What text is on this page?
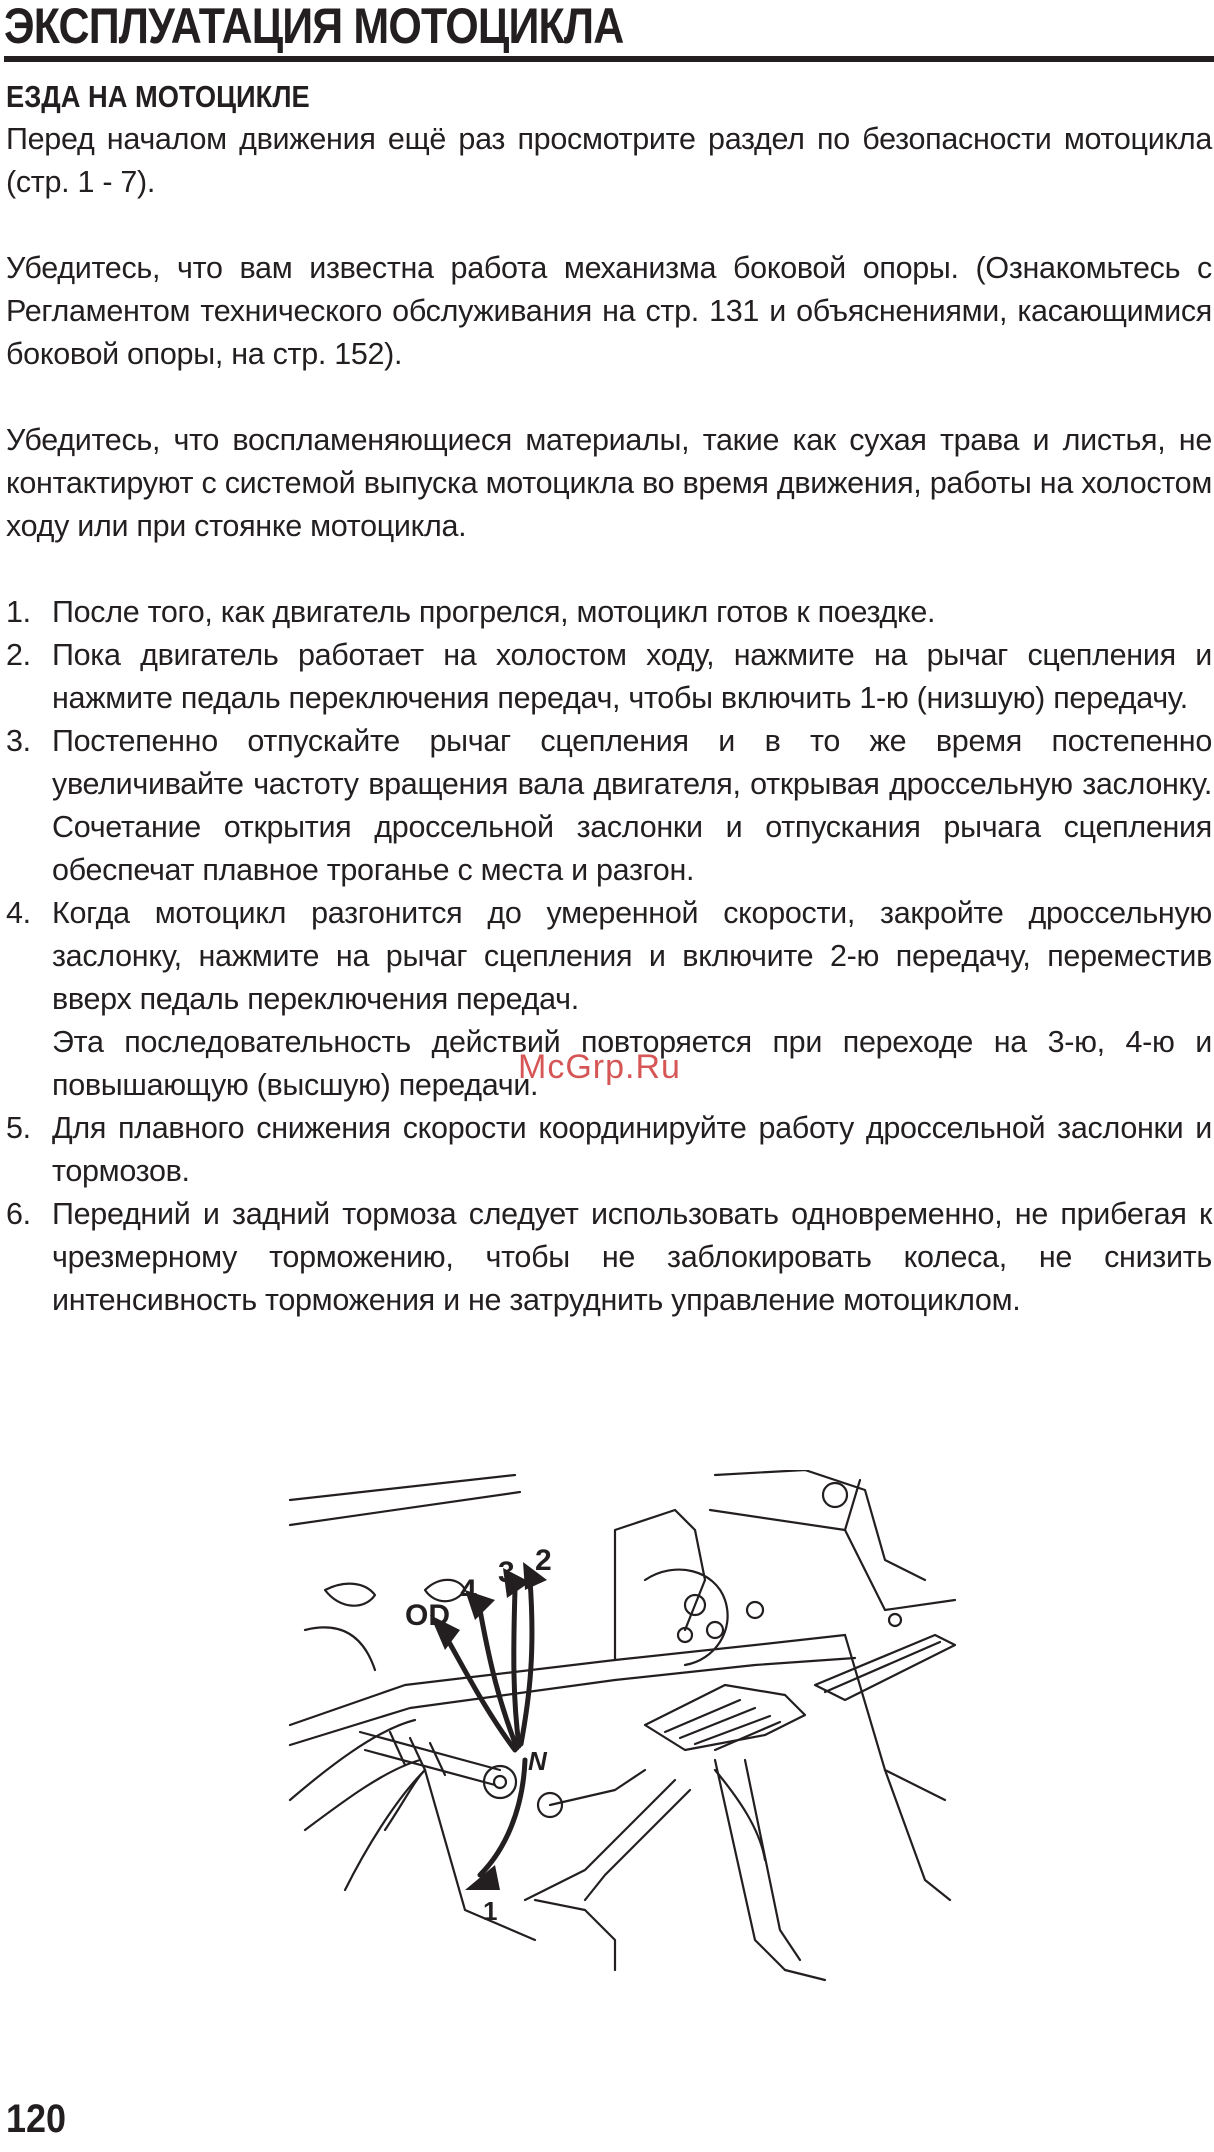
ЭКСПЛУАТАЦИЯ МОТОЦИКЛА
ЕЗДА НА МОТОЦИКЛЕ

Перед началом движения ещё раз просмотрите раздел по безопасности мотоцикла (стр. 1 - 7).

Убедитесь, что вам известна работа механизма боковой опоры. (Ознакомьтесь с Регламентом технического обслуживания на стр. 131 и объяснениями, касающимися боковой опоры, на стр. 152).

Убедитесь, что воспламеняющиеся материалы, такие как сухая трава и листья, не контактируют с системой выпуска мотоцикла во время движения, работы на холостом ходу или при стоянке мотоцикла.

1. После того, как двигатель прогрелся, мотоцикл готов к поездке.
2. Пока двигатель работает на холостом ходу, нажмите на рычаг сцепления и нажмите педаль переключения передач, чтобы включить 1-ю (низшую) передачу.
3. Постепенно отпускайте рычаг сцепления и в то же время постепенно увеличивайте частоту вращения вала двигателя, открывая дроссельную заслонку. Сочетание открытия дроссельной заслонки и отпускания рычага сцепления обеспечат плавное троганье с места и разгон.
4. Когда мотоцикл разгонится до умеренной скорости, закройте дроссельную заслонку, нажмите на рычаг сцепления и включите 2-ю передачу, переместив вверх педаль переключения передач.
Эта последовательность действий повторяется при переходе на 3-ю, 4-ю и повышающую (высшую) передачи.
5. Для плавного снижения скорости координируйте работу дроссельной заслонки и тормозов.
6. Передний и задний тормоза следует использовать одновременно, не прибегая к чрезмерному торможению, чтобы не заблокировать колеса, не снизить интенсивность торможения и не затруднить управление мотоциклом.
McGrp.Ru
OD
4
3 2
N
1
120
